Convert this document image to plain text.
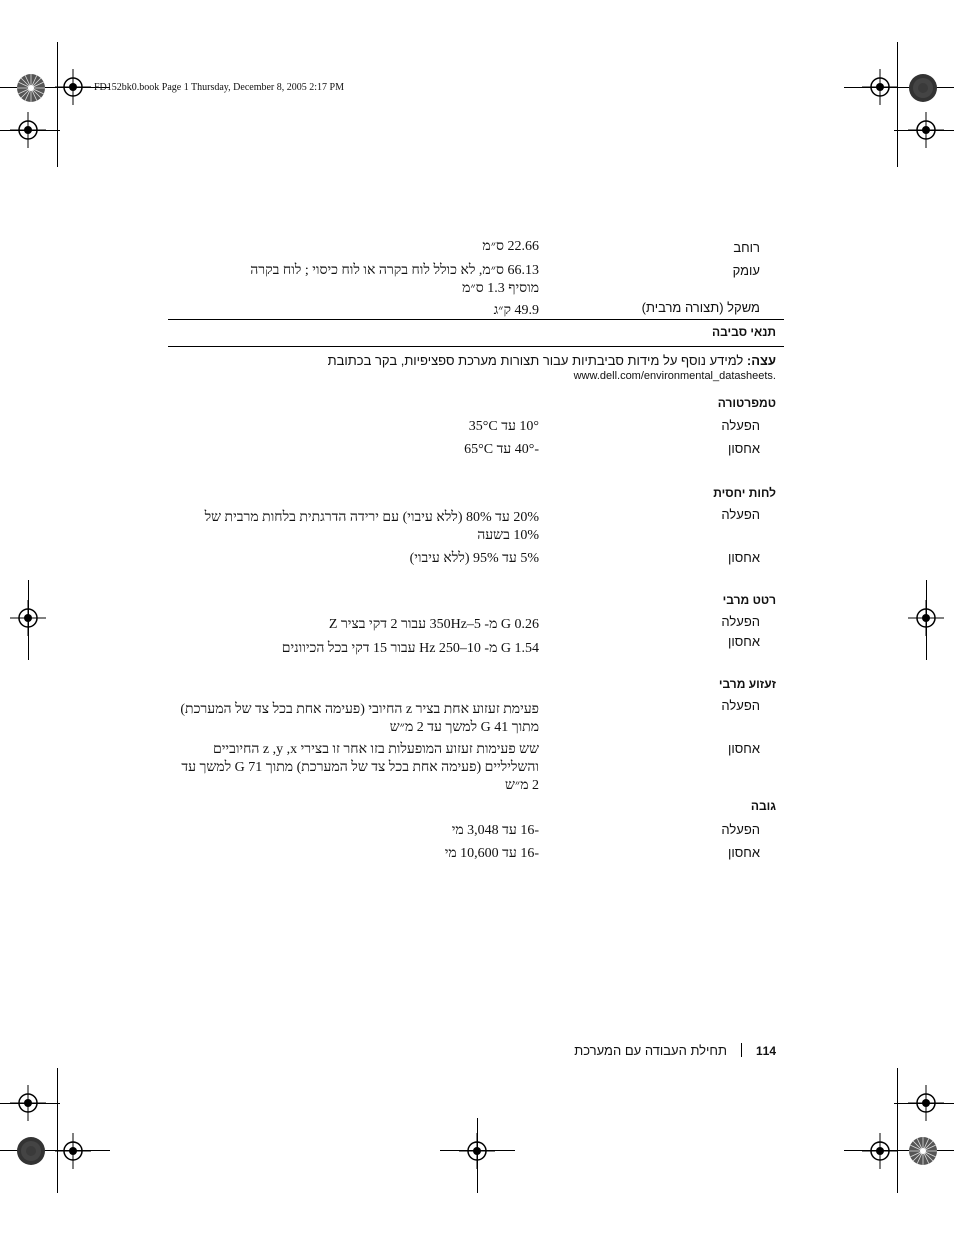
FD152bk0.book Page 1 Thursday, December 8, 2005 2:17 PM
רוחב
22.66 ס״מ
עומק
66.13 ס״מ, לא כולל לוח בקרה או לוח כיסוי ; לוח בקרה מוסיף 1.3 ס״מ
משקל (תצורה מרבית)
49.9 ק״ג
תנאי סביבה
עצה: למידע נוסף על מידות סביבתיות עבור תצורות מערכת ספציפיות, בקר בכתובת
www.dell.com/environmental_datasheets.
טמפרטורה
הפעלה
10° עד 35°C
אחסון
-40° עד 65°C
לחות יחסית
הפעלה
20% עד 80% (ללא עיבוי) עם ירידה הדרגתית בלחות מרבית של 10% בשעה
אחסון
5% עד 95% (ללא עיבוי)
רטט מרבי
הפעלה
0.26 G מ- 5–350Hz עבור 2 דקי בציר Z
אחסון
1.54 G מ- 10–250 Hz עבור 15 דקי בכל הכיוונים
זעזוע מרבי
הפעלה
פעימת זעזוע אחת בציר z החיובי (פעימה אחת בכל צד של המערכת) מתוך 41 G למשך עד 2 מ״ש
אחסון
שש פעימות זעזוע המופעלות בזו אחר זו בצירי z ,y ,x החיוביים והשליליים (פעימה אחת בכל צד של המערכת) מתוך 71 G למשך עד 2 מ״ש
גובה
הפעלה
-16 עד 3,048 מי
אחסון
-16 עד 10,600 מי
114תחילת העבודה עם המערכת
